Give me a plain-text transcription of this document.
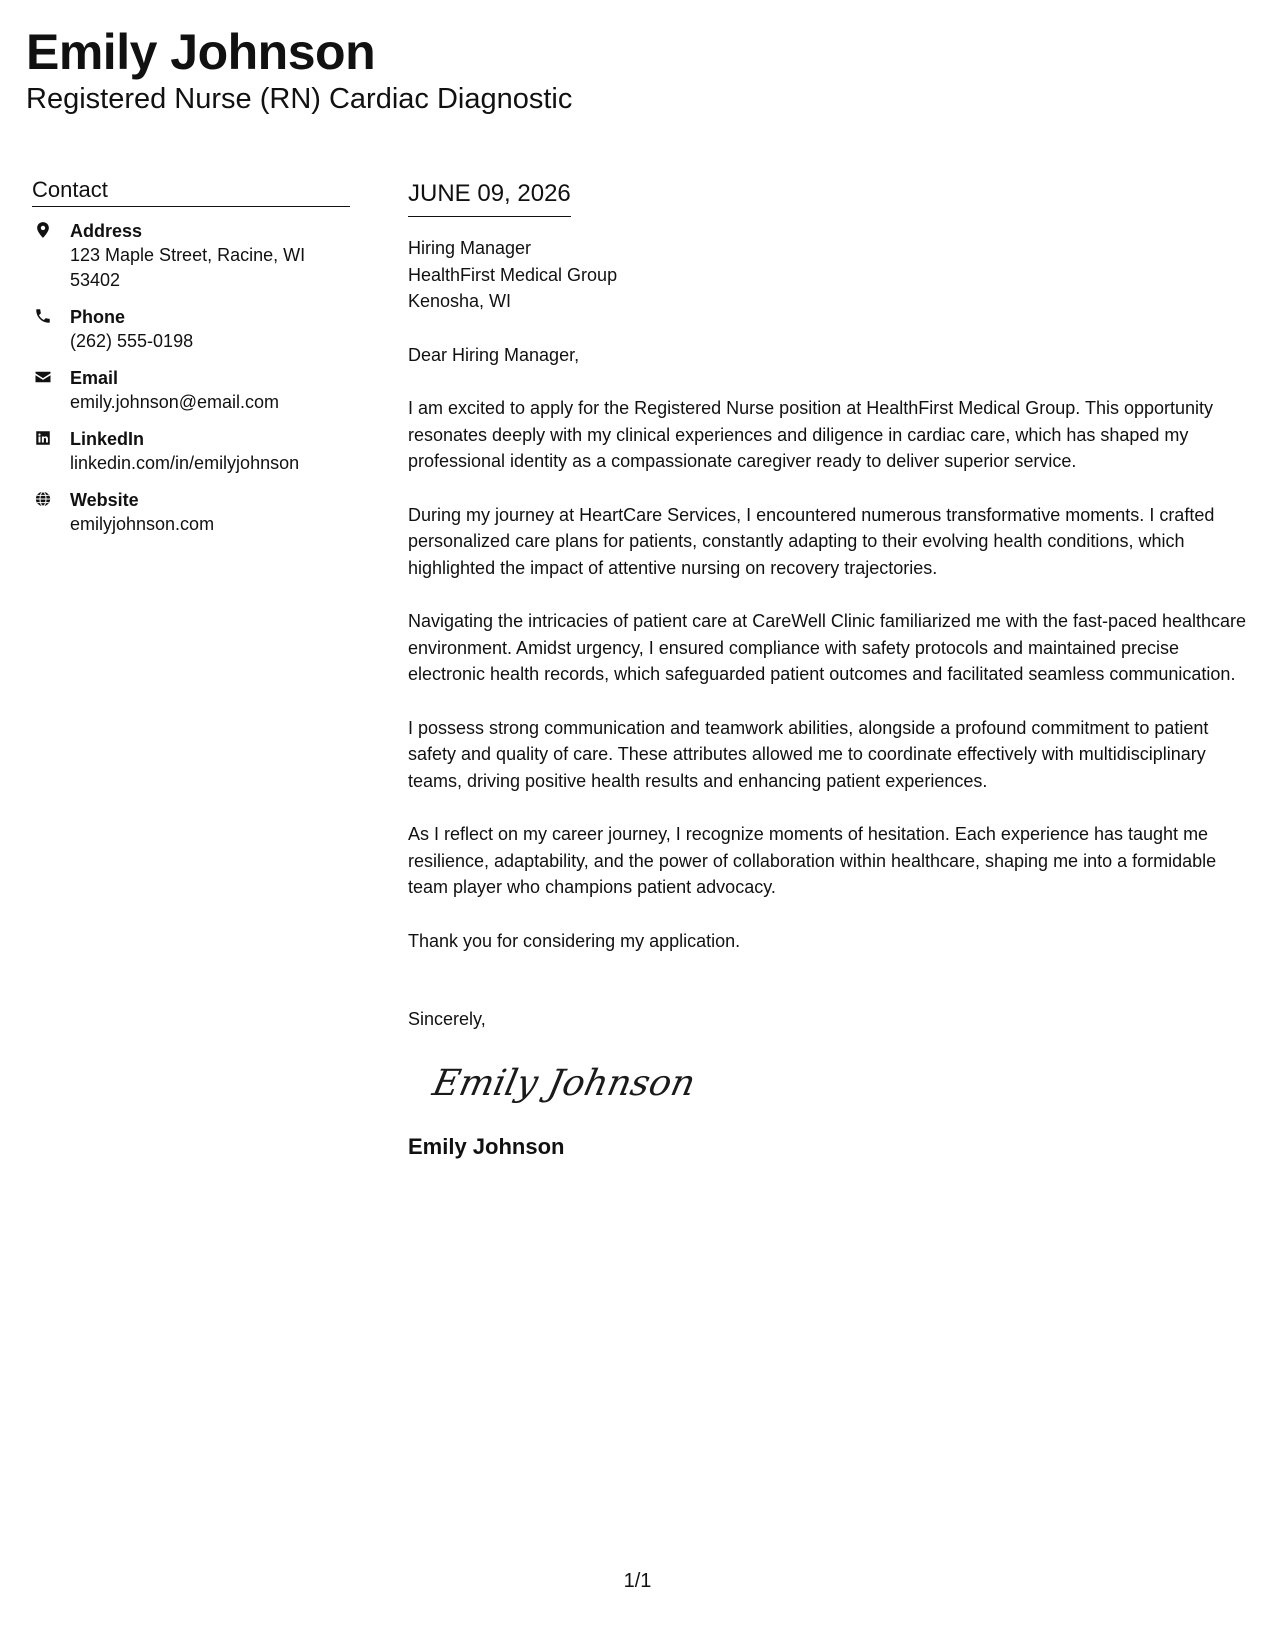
Emily Johnson
Registered Nurse (RN) Cardiac Diagnostic
Contact
Address
123 Maple Street, Racine, WI 53402
Phone
(262) 555-0198
Email
emily.johnson@email.com
LinkedIn
linkedin.com/in/emilyjohnson
Website
emilyjohnson.com
JUNE 09, 2026
Hiring Manager
HealthFirst Medical Group
Kenosha, WI
Dear Hiring Manager,
I am excited to apply for the Registered Nurse position at HealthFirst Medical Group. This opportunity resonates deeply with my clinical experiences and diligence in cardiac care, which has shaped my professional identity as a compassionate caregiver ready to deliver superior service.
During my journey at HeartCare Services, I encountered numerous transformative moments. I crafted personalized care plans for patients, constantly adapting to their evolving health conditions, which highlighted the impact of attentive nursing on recovery trajectories.
Navigating the intricacies of patient care at CareWell Clinic familiarized me with the fast-paced healthcare environment. Amidst urgency, I ensured compliance with safety protocols and maintained precise electronic health records, which safeguarded patient outcomes and facilitated seamless communication.
I possess strong communication and teamwork abilities, alongside a profound commitment to patient safety and quality of care. These attributes allowed me to coordinate effectively with multidisciplinary teams, driving positive health results and enhancing patient experiences.
As I reflect on my career journey, I recognize moments of hesitation. Each experience has taught me resilience, adaptability, and the power of collaboration within healthcare, shaping me into a formidable team player who champions patient advocacy.
Thank you for considering my application.
Sincerely,
Emily Johnson
Emily Johnson
1/1
